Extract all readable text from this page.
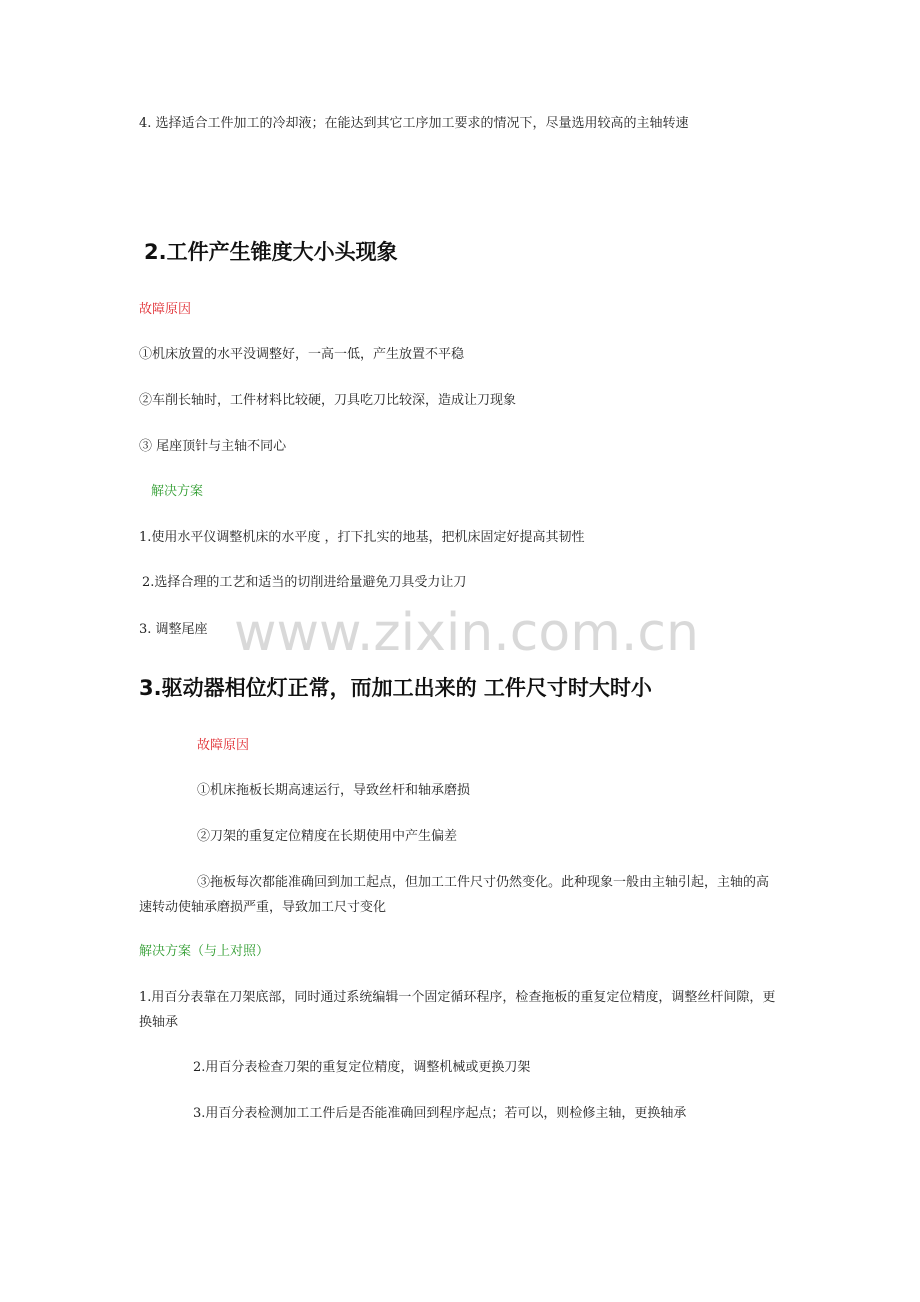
www.zixin.com.cn
4. 选择适合工件加工的冷却液；在能达到其它工序加工要求的情况下，尽量选用较高的主轴转速
2.工件产生锥度大小头现象
故障原因
①机床放置的水平没调整好，一高一低，产生放置不平稳
②车削长轴时，工件材料比较硬，刀具吃刀比较深，造成让刀现象
③ 尾座顶针与主轴不同心
解决方案
1.使用水平仪调整机床的水平度 ，打下扎实的地基，把机床固定好提高其韧性
2.选择合理的工艺和适当的切削进给量避免刀具受力让刀
3. 调整尾座
3.驱动器相位灯正常，而加工出来的 工件尺寸时大时小
故障原因
①机床拖板长期高速运行，导致丝杆和轴承磨损
②刀架的重复定位精度在长期使用中产生偏差
③拖板每次都能准确回到加工起点，但加工工件尺寸仍然变化。此种现象一般由主轴引起，主轴的高速转动使轴承磨损严重，导致加工尺寸变化
解决方案（与上对照）
1.用百分表靠在刀架底部，同时通过系统编辑一个固定循环程序，检查拖板的重复定位精度，调整丝杆间隙，更换轴承
2.用百分表检查刀架的重复定位精度，调整机械或更换刀架
3.用百分表检测加工工件后是否能准确回到程序起点；若可以，则检修主轴，更换轴承
